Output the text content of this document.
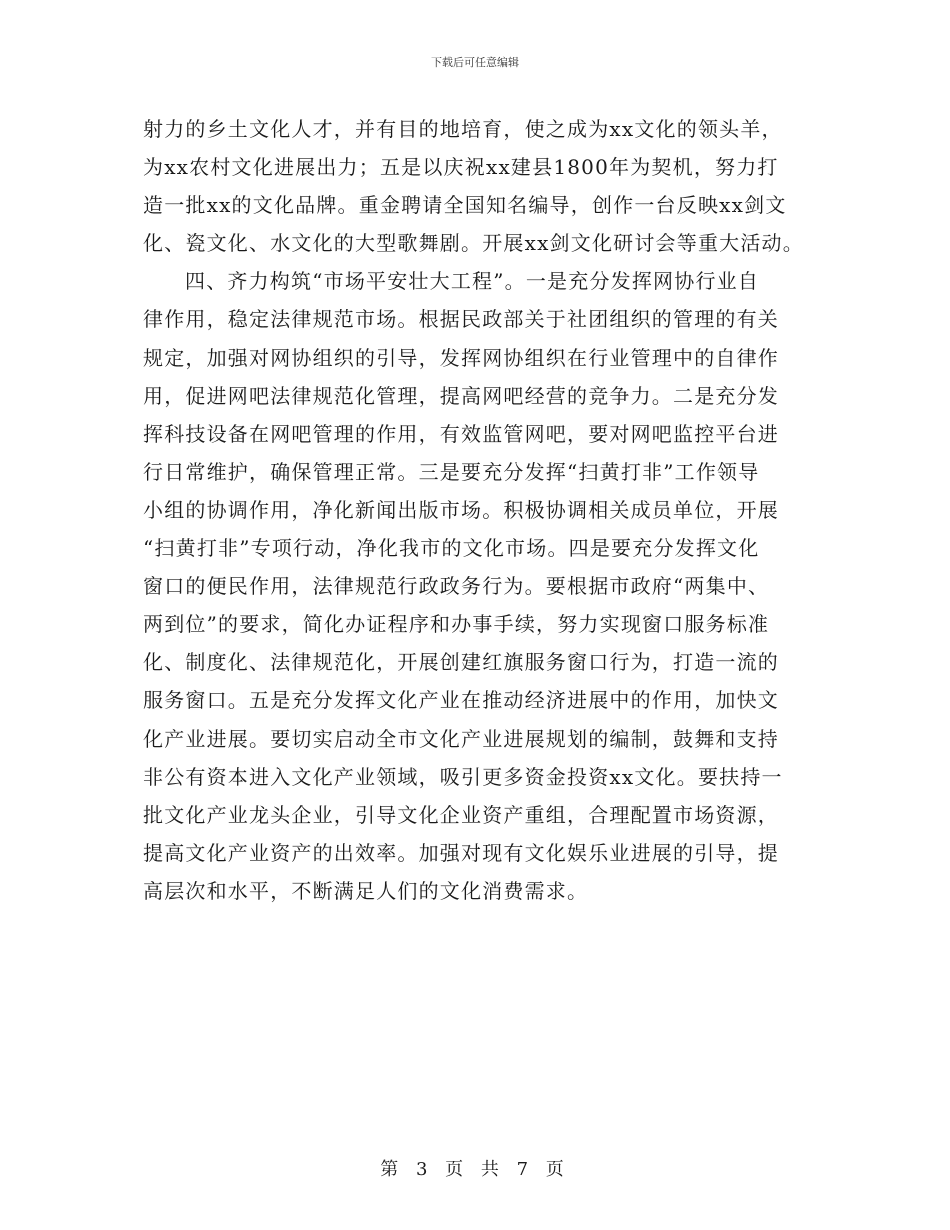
下载后可任意编辑
射力的乡土文化人才，并有目的地培育，使之成为xx文化的领头羊，
为xx农村文化进展出力；五是以庆祝xx建县1800年为契机，努力打
造一批xx的文化品牌。重金聘请全国知名编导，创作一台反映xx剑文
化、瓷文化、水文化的大型歌舞剧。开展xx剑文化研讨会等重大活动。
四、齐力构筑“市场平安壮大工程”。一是充分发挥网协行业自
律作用，稳定法律规范市场。根据民政部关于社团组织的管理的有关
规定，加强对网协组织的引导，发挥网协组织在行业管理中的自律作
用，促进网吧法律规范化管理，提高网吧经营的竞争力。二是充分发
挥科技设备在网吧管理的作用，有效监管网吧，要对网吧监控平台进
行日常维护，确保管理正常。三是要充分发挥“扫黄打非”工作领导
小组的协调作用，净化新闻出版市场。积极协调相关成员单位，开展
“扫黄打非”专项行动，净化我市的文化市场。四是要充分发挥文化
窗口的便民作用，法律规范行政政务行为。要根据市政府“两集中、
两到位”的要求，简化办证程序和办事手续，努力实现窗口服务标准
化、制度化、法律规范化，开展创建红旗服务窗口行为，打造一流的
服务窗口。五是充分发挥文化产业在推动经济进展中的作用，加快文
化产业进展。要切实启动全市文化产业进展规划的编制，鼓舞和支持
非公有资本进入文化产业领域，吸引更多资金投资xx文化。要扶持一
批文化产业龙头企业，引导文化企业资产重组，合理配置市场资源，
提高文化产业资产的出效率。加强对现有文化娱乐业进展的引导，提
高层次和水平，不断满足人们的文化消费需求。
第 3 页 共 7 页
